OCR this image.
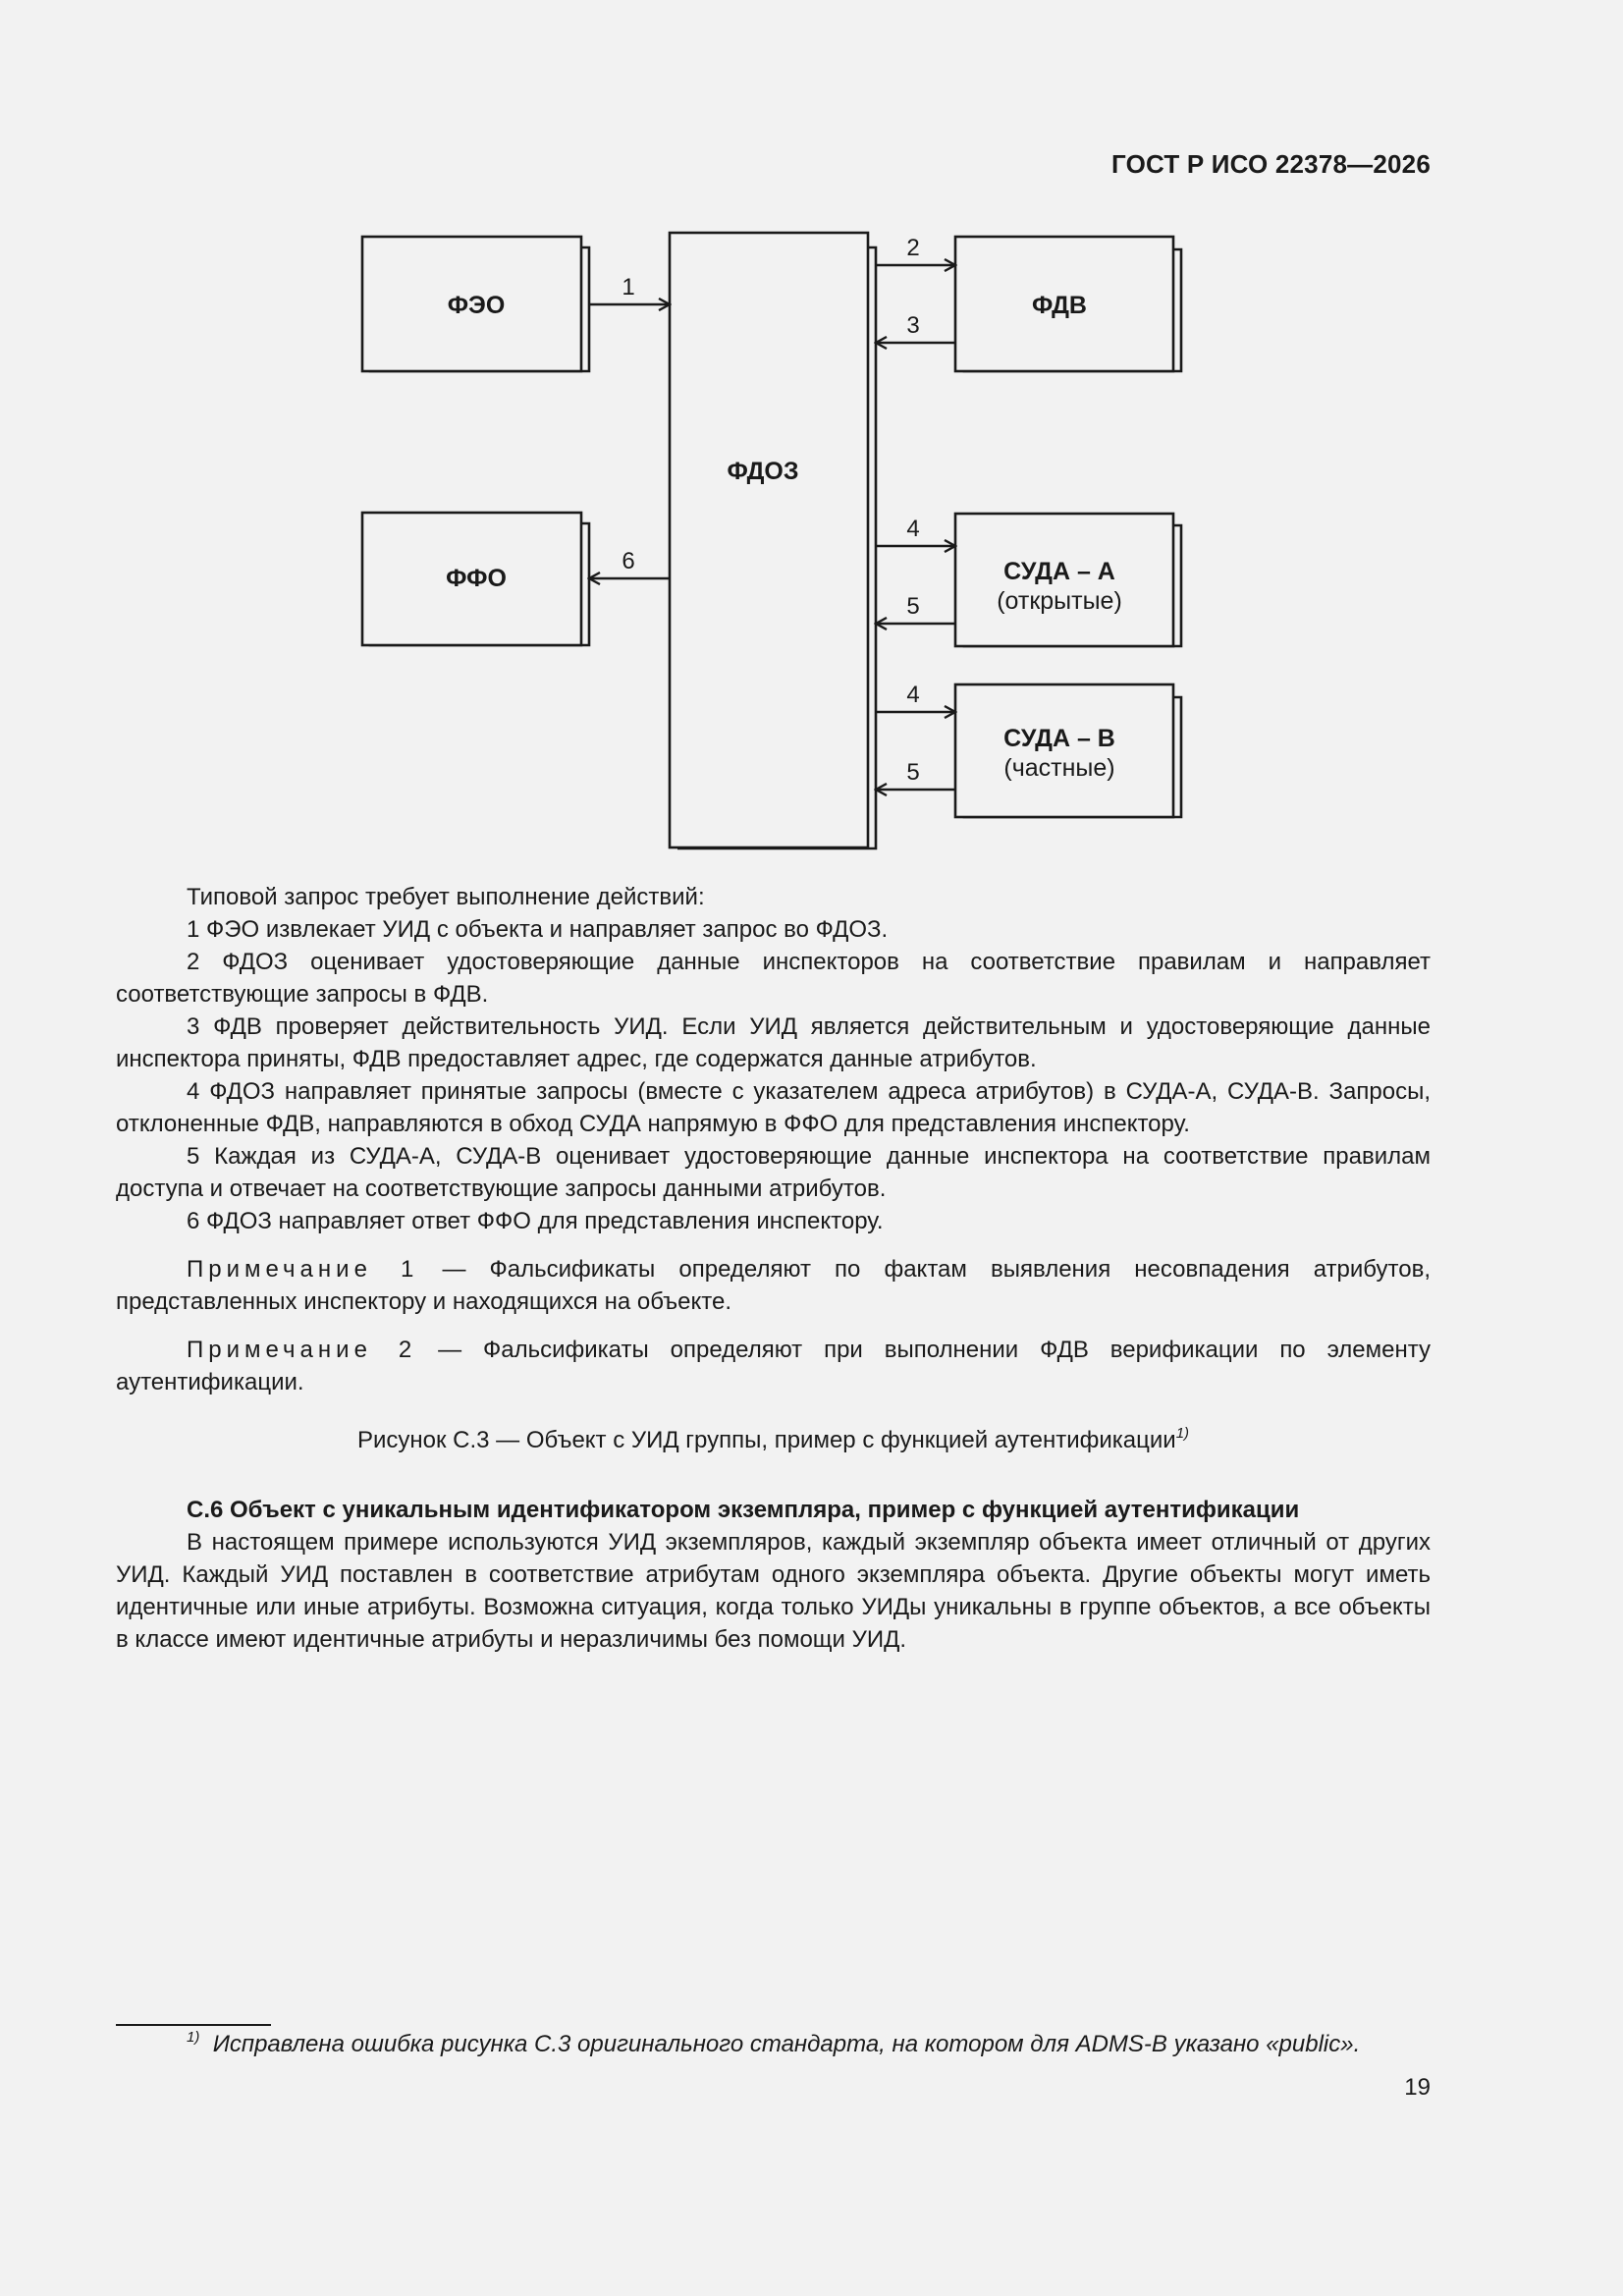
ГОСТ Р ИСО 22378—2026
ФЭО
ФФО
ФДОЗ
ФДВ
СУДА – A
(открытые)
СУДА – B
(частные)
1
2
3
6
4
5
4
5

Типовой запрос требует выполнение действий:

1 ФЭО извлекает УИД с объекта и направляет запрос во ФДОЗ.

2 ФДОЗ оценивает удостоверяющие данные инспекторов на соответствие правилам и направляет соответствующие запросы в ФДВ.

3 ФДВ проверяет действительность УИД. Если УИД является действительным и удостоверяющие данные инспектора приняты, ФДВ предоставляет адрес, где содержатся данные атрибутов.

4 ФДОЗ направляет принятые запросы (вместе с указателем адреса атрибутов) в СУДА-A, СУДА-B. Запросы, отклоненные ФДВ, направляются в обход СУДА напрямую в ФФО для представления инспектору.

5 Каждая из СУДА-A, СУДА-B оценивает удостоверяющие данные инспектора на соответствие правилам доступа и отвечает на соответствующие запросы данными атрибутов.

6 ФДОЗ направляет ответ ФФО для представления инспектору.

Примечание 1 — Фальсификаты определяют по фактам выявления несовпадения атрибутов, представленных инспектору и находящихся на объекте.

Примечание 2 — Фальсификаты определяют при выполнении ФДВ верификации по элементу аутентификации.

Рисунок С.3 — Объект с УИД группы, пример с функцией аутентификации$^{1)}$

С.6 Объект с уникальным идентификатором экземпляра, пример с функцией аутентификации

В настоящем примере используются УИД экземпляров, каждый экземпляр объекта имеет отличный от других УИД. Каждый УИД поставлен в соответствие атрибутам одного экземпляра объекта. Другие объекты могут иметь идентичные или иные атрибуты. Возможна ситуация, когда только УИДы уникальны в группе объектов, а все объекты в классе имеют идентичные атрибуты и неразличимы без помощи УИД.

$^{1)}$ Исправлена ошибка рисунка С.3 оригинального стандарта, на котором для ADMS-B указано «public».
19
